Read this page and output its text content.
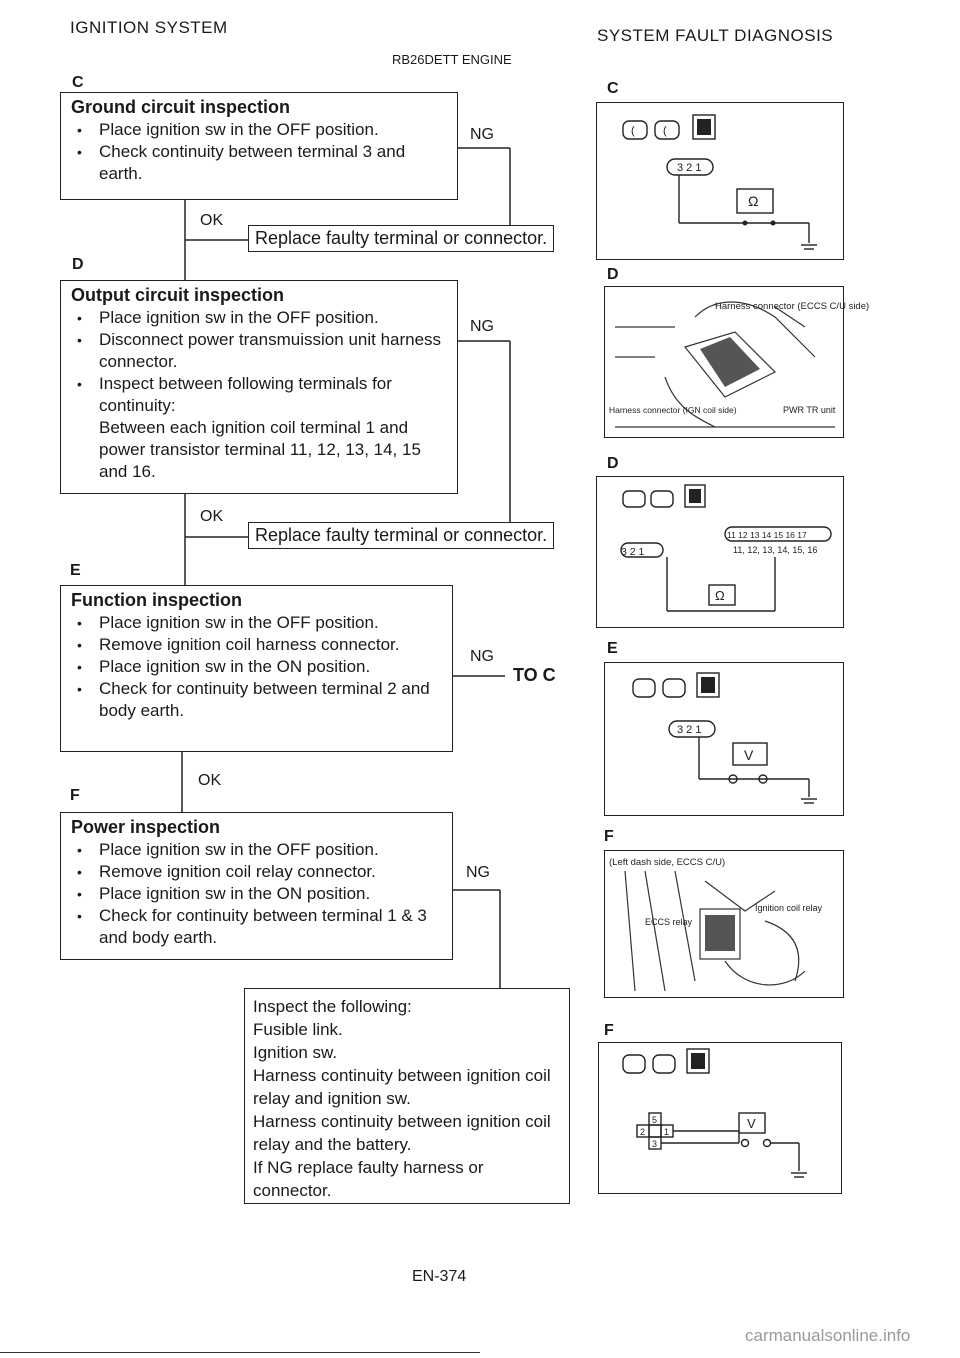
IGNITION SYSTEM	SYSTEM FAULT DIAGNOSIS
RB26DETT ENGINE
C
Ground circuit inspection
• Place ignition sw in the OFF position.
• Check continuity between terminal 3 and earth.
NG
OK
Replace faulty terminal or connector.
D
Output circuit inspection
• Place ignition sw in the OFF position.
• Disconnect power transmuission unit harness connector.
• Inspect between following terminals for continuity:
Between each ignition coil terminal 1 and power transistor terminal 11, 12, 13, 14, 15 and 16.
NG
OK
Replace faulty terminal or connector.
E
Function inspection
• Place ignition sw in the OFF position.
• Remove ignition coil harness connector.
• Place ignition sw in the ON position.
• Check for continuity between terminal 2 and body earth.
NG
TO C
OK
F
Power inspection
• Place ignition sw in the OFF position.
• Remove ignition coil relay connector.
• Place ignition sw in the ON position.
• Check for continuity between terminal 1 & 3 and body earth.
NG
Inspect the following:
Fusible link.
Ignition sw.
Harness continuity between ignition coil relay and ignition sw.
Harness continuity between ignition coil relay and the battery.
If NG replace faulty harness or connector.
C
(	(
3 2 1
Ω
D
Harness connector (ECCS C/U side)
Harness connector (IGN coil side)	PWR TR unit
D
3 2 1
11 12 13 14 15 16 17
11, 12, 13, 14, 15, 16
Ω
E
3 2 1
V
F
(Left dash side, ECCS C/U)
ECCS relay
Ignition coil relay
F
5
2 1
3
V
EN-374
carmanualsonline.info
